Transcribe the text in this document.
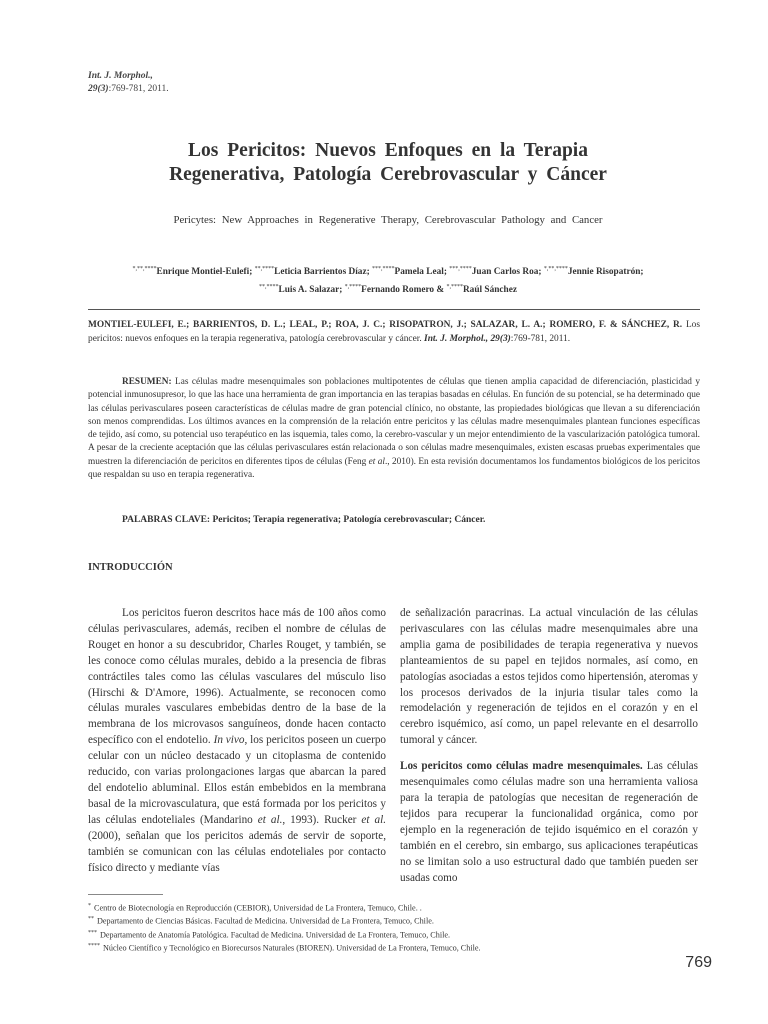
Int. J. Morphol.,
29(3):769-781, 2011.
Los Pericitos: Nuevos Enfoques en la Terapia
Regenerativa, Patología Cerebrovascular y Cáncer
Pericytes: New Approaches in Regenerative Therapy, Cerebrovascular Pathology and Cancer
*,**,****Enrique Montiel-Eulefi; **,****Leticia Barrientos Díaz; ***,****Pamela Leal; ***,****Juan Carlos Roa; *,**,****Jennie Risopatrón;
**,****Luis A. Salazar; *,****Fernando Romero & *,****Raúl Sánchez
MONTIEL-EULEFI, E.; BARRIENTOS, D. L.; LEAL, P.; ROA, J. C.; RISOPATRON, J.; SALAZAR, L. A.; ROMERO, F. & SÁNCHEZ, R. Los pericitos: nuevos enfoques en la terapia regenerativa, patología cerebrovascular y cáncer. Int. J. Morphol., 29(3):769-781, 2011.
RESUMEN: Las células madre mesenquimales son poblaciones multipotentes de células que tienen amplia capacidad de diferenciación, plasticidad y potencial inmunosupresor, lo que las hace una herramienta de gran importancia en las terapias basadas en células. En función de su potencial, se ha determinado que las células perivasculares poseen características de células madre de gran potencial clínico, no obstante, las propiedades biológicas que llevan a su diferenciación son menos comprendidas. Los últimos avances en la comprensión de la relación entre pericitos y las células madre mesenquimales plantean funciones específicas de tejido, así como, su potencial uso terapéutico en las isquemia, tales como, la cerebro-vascular y un mejor entendimiento de la vascularización patológica tumoral. A pesar de la creciente aceptación que las células perivasculares están relacionada o son células madre mesenquimales, existen escasas pruebas experimentales que muestren la diferenciación de pericitos en diferentes tipos de células (Feng et al., 2010). En esta revisión documentamos los fundamentos biológicos de los pericitos que respaldan su uso en terapia regenerativa.
PALABRAS CLAVE: Pericitos; Terapia regenerativa; Patología cerebrovascular; Cáncer.
INTRODUCCIÓN

Los pericitos fueron descritos hace más de 100 años como células perivasculares, además, reciben el nombre de células de Rouget en honor a su descubridor, Charles Rouget, y también, se les conoce como células murales, debido a la presencia de fibras contráctiles tales como las células vasculares del músculo liso (Hirschi & D'Amore, 1996). Actualmente, se reconocen como células murales vasculares embebidas dentro de la base de la membrana de los microvasos sanguíneos, donde hacen contacto específico con el endotelio. In vivo, los pericitos poseen un cuerpo celular con un núcleo destacado y un citoplasma de contenido reducido, con varias prolongaciones largas que abarcan la pared del endotelio abluminal. Ellos están embebidos en la membrana basal de la microvasculatura, que está formada por los pericitos y las células endoteliales (Mandarino et al., 1993). Rucker et al. (2000), señalan que los pericitos además de servir de soporte, también se comunican con las células endoteliales por contacto físico directo y mediante vías

de señalización paracrinas. La actual vinculación de las células perivasculares con las células madre mesenquimales abre una amplia gama de posibilidades de terapia regenerativa y nuevos planteamientos de su papel en tejidos normales, así como, en patologías asociadas a estos tejidos como hipertensión, ateromas y los procesos derivados de la injuria tisular tales como la remodelación y regeneración de tejidos en el corazón y en el cerebro isquémico, así como, un papel relevante en el desarrollo tumoral y cáncer.

Los pericitos como células madre mesenquimales. Las células mesenquimales como células madre son una herramienta valiosa para la terapia de patologías que necesitan de regeneración de tejidos para recuperar la funcionalidad orgánica, como por ejemplo en la regeneración de tejido isquémico en el corazón y también en el cerebro, sin embargo, sus aplicaciones terapéuticas no se limitan solo a uso estructural dado que también pueden ser usadas como

* Centro de Biotecnología en Reproducción (CEBIOR), Universidad de La Frontera, Temuco, Chile. .
** Departamento de Ciencias Básicas. Facultad de Medicina. Universidad de La Frontera, Temuco, Chile.
*** Departamento de Anatomía Patológica. Facultad de Medicina. Universidad de La Frontera, Temuco, Chile.
**** Núcleo Científico y Tecnológico en Biorecursos Naturales (BIOREN). Universidad de La Frontera, Temuco, Chile.
769
